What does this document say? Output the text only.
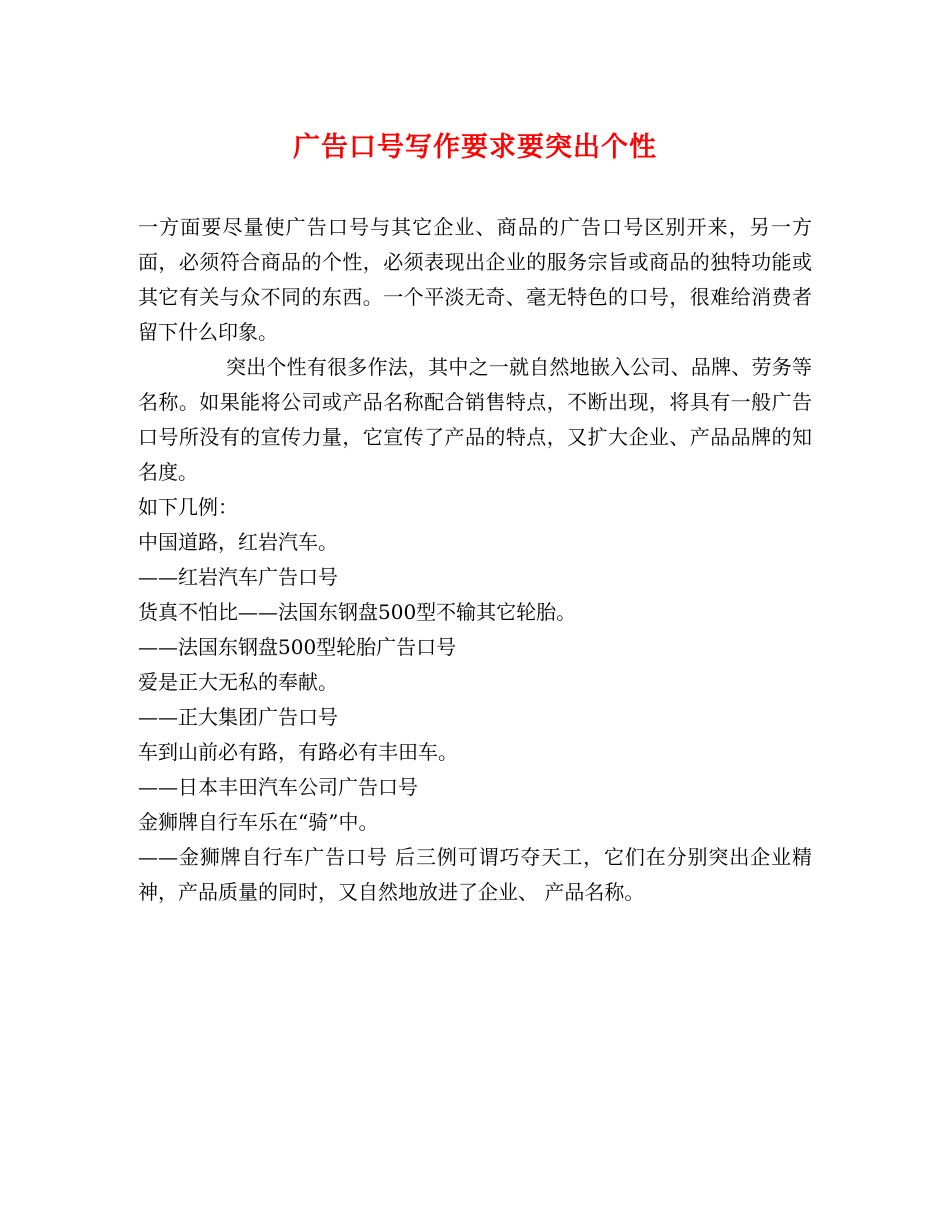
广告口号写作要求要突出个性

一方面要尽量使广告口号与其它企业、商品的广告口号区别开来，另一方面，必须符合商品的个性，必须表现出企业的服务宗旨或商品的独特功能或其它有关与众不同的东西。一个平淡无奇、毫无特色的口号，很难给消费者留下什么印象。

突出个性有很多作法，其中之一就自然地嵌入公司、品牌、劳务等名称。如果能将公司或产品名称配合销售特点，不断出现，将具有一般广告口号所没有的宣传力量，它宣传了产品的特点，又扩大企业、产品品牌的知名度。

如下几例：

中国道路，红岩汽车。

——红岩汽车广告口号

货真不怕比——法国东钢盘500型不输其它轮胎。

——法国东钢盘500型轮胎广告口号

爱是正大无私的奉献。

——正大集团广告口号

车到山前必有路，有路必有丰田车。

——日本丰田汽车公司广告口号

金狮牌自行车乐在“骑”中。

——金狮牌自行车广告口号 后三例可谓巧夺天工，它们在分别突出企业精神，产品质量的同时，又自然地放进了企业、 产品名称。
